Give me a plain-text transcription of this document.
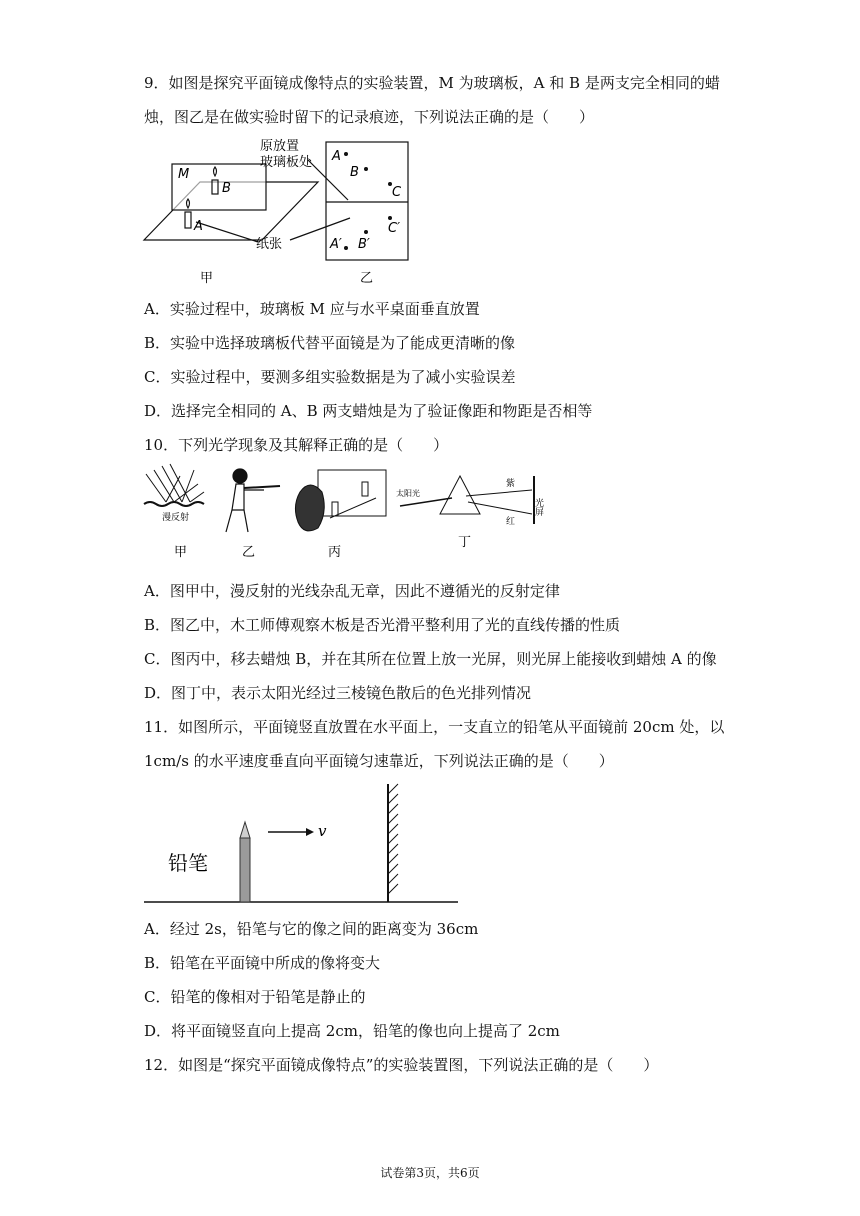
9．如图是探究平面镜成像特点的实验装置，M 为玻璃板，A 和 B 是两支完全相同的蜡
烛，图乙是在做实验时留下的记录痕迹，下列说法正确的是（　　）
M
B
A
纸张
甲
原放置
玻璃板处 A
B
C
C′
B′
A′
乙
A．实验过程中，玻璃板 M 应与水平桌面垂直放置
B．实验中选择玻璃板代替平面镜是为了能成更清晰的像
C．实验过程中，要测多组实验数据是为了减小实验误差
D．选择完全相同的 A、B 两支蜡烛是为了验证像距和物距是否相等
10．下列光学现象及其解释正确的是（　　）
漫反射
甲	乙	丙
太阳光
紫
红
光屏
丁
A．图甲中，漫反射的光线杂乱无章，因此不遵循光的反射定律
B．图乙中，木工师傅观察木板是否光滑平整利用了光的直线传播的性质
C．图丙中，移去蜡烛 B，并在其所在位置上放一光屏，则光屏上能接收到蜡烛 A 的像
D．图丁中，表示太阳光经过三棱镜色散后的色光排列情况
11．如图所示，平面镜竖直放置在水平面上，一支直立的铅笔从平面镜前 20cm 处，以
1cm/s 的水平速度垂直向平面镜匀速靠近，下列说法正确的是（　　）
v
铅笔
A．经过 2s，铅笔与它的像之间的距离变为 36cm
B．铅笔在平面镜中所成的像将变大
C．铅笔的像相对于铅笔是静止的
D．将平面镜竖直向上提高 2cm，铅笔的像也向上提高了 2cm
12．如图是“探究平面镜成像特点”的实验装置图，下列说法正确的是（　　）
试卷第3页，共6页
